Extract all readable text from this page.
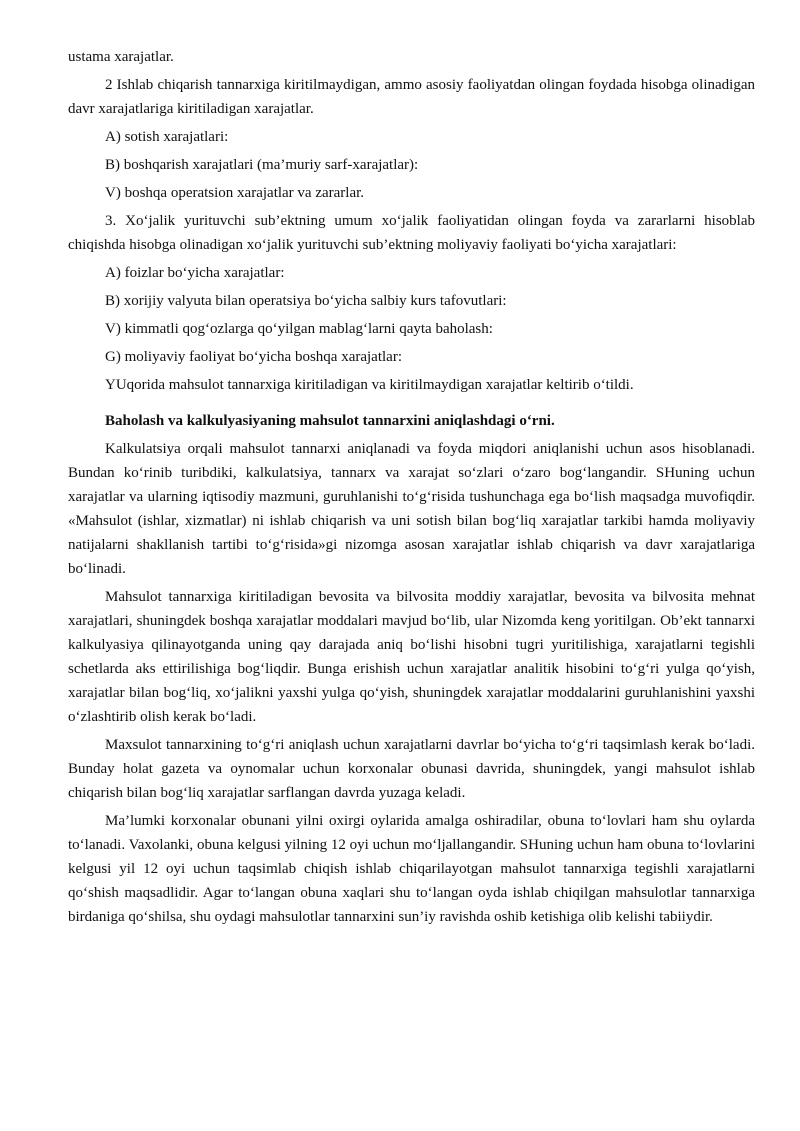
ustama xarajatlar.

2 Ishlab chiqarish tannarxiga kiritilmaydigan, ammo asosiy faoliyatdan olingan foydada hisobga olinadigan davr xarajatlariga kiritiladigan xarajatlar.

A) sotish xarajatlari:

B) boshqarish xarajatlari (ma’muriy sarf-xarajatlar):

V) boshqa operatsion xarajatlar va zararlar.

3. Xo‘jalik yurituvchi sub’ektning umum xo‘jalik faoliyatidan olingan foyda va zararlarni hisoblab chiqishda hisobga olinadigan xo‘jalik yurituvchi sub’ektning moliyaviy faoliyati bo‘yicha xarajatlari:

A) foizlar bo‘yicha xarajatlar:

B) xorijiy valyuta bilan operatsiya bo‘yicha salbiy kurs tafovutlari:

V) kimmatli qog‘ozlarga qo‘yilgan mablag‘larni qayta baholash:

G) moliyaviy faoliyat bo‘yicha boshqa xarajatlar:

YUqorida mahsulot tannarxiga kiritiladigan va kiritilmaydigan xarajatlar keltirib o‘tildi.

Baholash va kalkulyasiyaning mahsulot tannarxini aniqlashdagi o‘rni.

Kalkulatsiya orqali mahsulot tannarxi aniqlanadi va foyda miqdori aniqlanishi uchun asos hisoblanadi. Bundan ko‘rinib turibdiki, kalkulatsiya, tannarx va xarajat so‘zlari o‘zaro bog‘langandir. SHuning uchun xarajatlar va ularning iqtisodiy mazmuni, guruhlanishi to‘g‘risida tushunchaga ega bo‘lish maqsadga muvofiqdir. «Mahsulot (ishlar, xizmatlar) ni ishlab chiqarish va uni sotish bilan bog‘liq xarajatlar tarkibi hamda moliyaviy natijalarni shakllanish tartibi to‘g‘risida»gi nizomga asosan xarajatlar ishlab chiqarish va davr xarajatlariga bo‘linadi.

Mahsulot tannarxiga kiritiladigan bevosita va bilvosita moddiy xarajatlar, bevosita va bilvosita mehnat xarajatlari, shuningdek boshqa xarajatlar moddalari mavjud bo‘lib, ular Nizomda keng yoritilgan. Ob’ekt tannarxi kalkulyasiya qilinayotganda uning qay darajada aniq bo‘lishi hisobni tugri yuritilishiga, xarajatlarni tegishli schetlarda aks ettirilishiga bog‘liqdir. Bunga erishish uchun xarajatlar analitik hisobini to‘g‘ri yulga qo‘yish, xarajatlar bilan bog‘liq, xo‘jalikni yaxshi yulga qo‘yish, shuningdek xarajatlar moddalarini guruhlanishini yaxshi o‘zlashtirib olish kerak bo‘ladi.

Maxsulot tannarxining to‘g‘ri aniqlash uchun xarajatlarni davrlar bo‘yicha to‘g‘ri taqsimlash kerak bo‘ladi. Bunday holat gazeta va oynomalar uchun korxonalar obunasi davrida, shuningdek, yangi mahsulot ishlab chiqarish bilan bog‘liq xarajatlar sarflangan davrda yuzaga keladi.

Ma’lumki korxonalar obunani yilni oxirgi oylarida amalga oshiradilar, obuna to‘lovlari ham shu oylarda to‘lanadi. Vaxolanki, obuna kelgusi yilning 12 oyi uchun mo‘ljallangandir. SHuning uchun ham obuna to‘lovlarini kelgusi yil 12 oyi uchun taqsimlab chiqish ishlab chiqarilayotgan mahsulot tannarxiga tegishli xarajatlarni qo‘shish maqsadlidir. Agar to‘langan obuna xaqlari shu to‘langan oyda ishlab chiqilgan mahsulotlar tannarxiga birdaniga qo‘shilsa, shu oydagi mahsulotlar tannarxini sun’iy ravishda oshib ketishiga olib kelishi tabiiydir.
